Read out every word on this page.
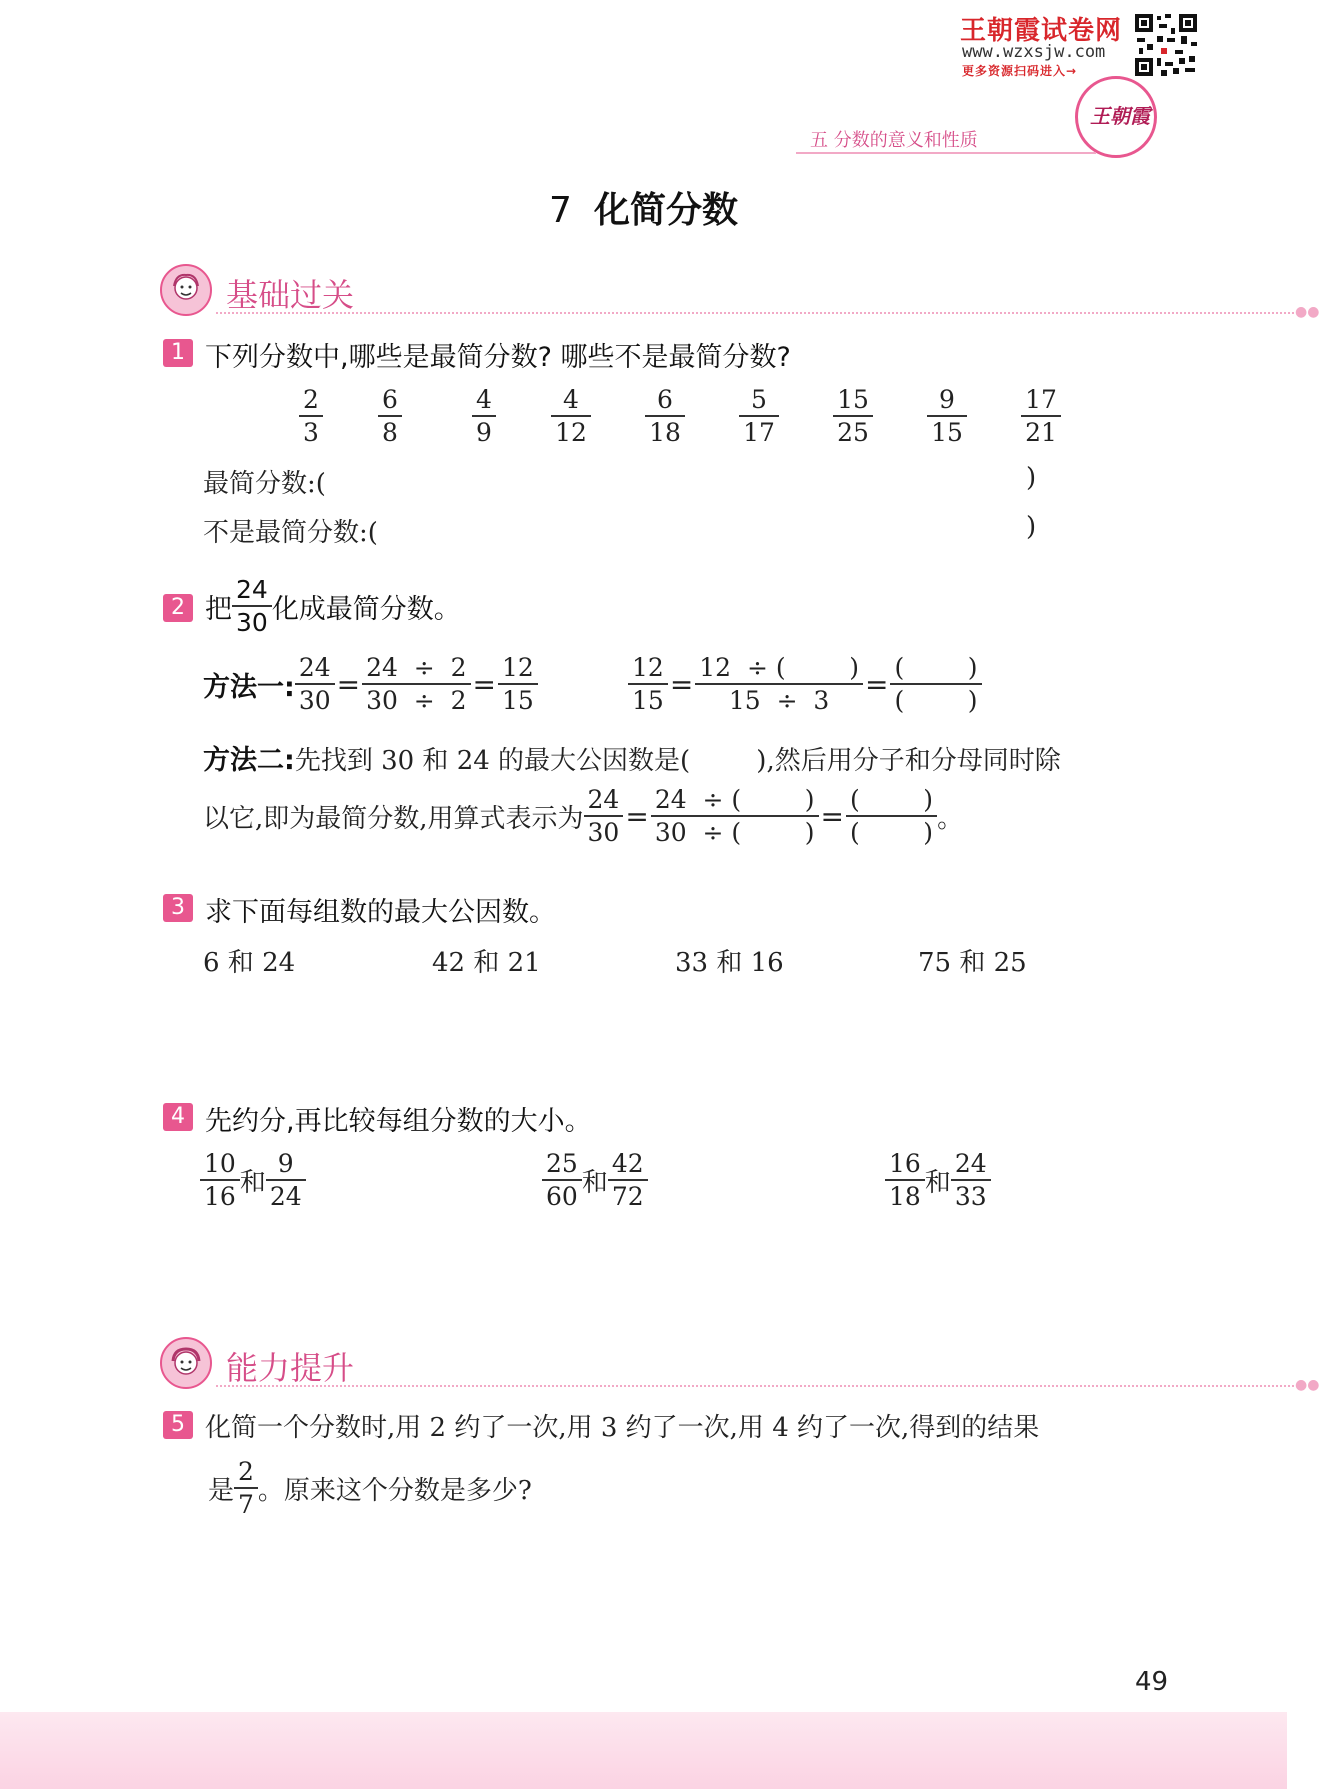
王朝霞试卷网
www.wzxsjw.com
更多资源扫码进入→
王朝霞
五 分数的意义和性质
7 化简分数
基础过关	●●
1 下列分数中,哪些是最简分数? 哪些不是最简分数?
$\frac{2}{3} \frac{6}{8}$	$\frac{4}{9} \frac{4}{12} \frac{6}{18} \frac{5}{17} \frac{15}{25} \frac{9}{15} \frac{17}{21}$
最简分数:(	)
不是最简分数:(	)
2 把 $\frac{24}{30}$ 化成最简分数。
方法一: $\frac{24}{30} = \frac{24 \div 2}{30 \div 2} = \frac{12}{15}$	$\frac{12}{15} = \frac{12 \div ( )}{15 \div 3} = \frac{( )}{( )}$
方法二:先找到 30 和 24 的最大公因数是(        ),然后用分子和分母同时除
以它,即为最简分数,用算式表示为 $\frac{24}{30} = \frac{24 \div ( )}{30 \div ( )} = \frac{( )}{( )}$ 。
3 求下面每组数的最大公因数。
6 和 24	42 和 21	33 和 16	75 和 25
4 先约分,再比较每组分数的大小。
$\frac{10}{16}$ 和 $\frac{9}{24}$	$\frac{25}{60}$ 和 $\frac{42}{72}$	$\frac{16}{18}$ 和 $\frac{24}{33}$
能力提升	●●
5 化简一个分数时,用 2 约了一次,用 3 约了一次,用 4 约了一次,得到的结果
是 $\frac{2}{7}$ 。原来这个分数是多少?
49
